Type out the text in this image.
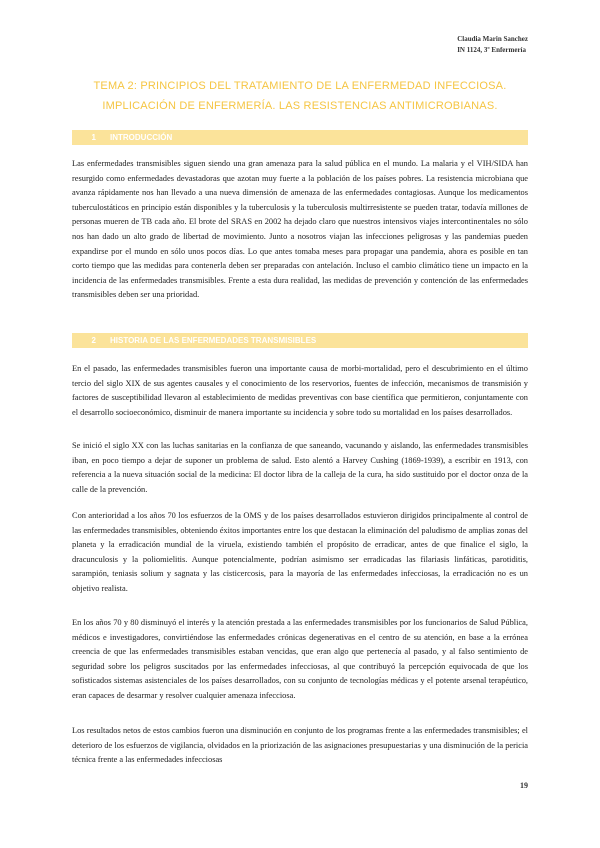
Claudia Marin Sanchez
IN 1124, 3º Enfermería
TEMA 2: PRINCIPIOS DEL TRATAMIENTO DE LA ENFERMEDAD INFECCIOSA. IMPLICACIÓN DE ENFERMERÍA. LAS RESISTENCIAS ANTIMICROBIANAS.
1 INTRODUCCIÓN

Las enfermedades transmisibles siguen siendo una gran amenaza para la salud pública en el mundo. La malaria y el VIH/SIDA han resurgido como enfermedades devastadoras que azotan muy fuerte a la población de los países pobres. La resistencia microbiana que avanza rápidamente nos han llevado a una nueva dimensión de amenaza de las enfermedades contagiosas. Aunque los medicamentos tuberculostáticos en principio están disponibles y la tuberculosis y la tuberculosis multirresistente se pueden tratar, todavía millones de personas mueren de TB cada año. El brote del SRAS en 2002 ha dejado claro que nuestros intensivos viajes intercontinentales no sólo nos han dado un alto grado de libertad de movimiento. Junto a nosotros viajan las infecciones peligrosas y las pandemias pueden expandirse por el mundo en sólo unos pocos días. Lo que antes tomaba meses para propagar una pandemia, ahora es posible en tan corto tiempo que las medidas para contenerla deben ser preparadas con antelación. Incluso el cambio climático tiene un impacto en la incidencia de las enfermedades transmisibles. Frente a esta dura realidad, las medidas de prevención y contención de las enfermedades transmisibles deben ser una prioridad.

2 HISTORIA DE LAS ENFERMEDADES TRANSMISIBLES

En el pasado, las enfermedades transmisibles fueron una importante causa de morbi-mortalidad, pero el descubrimiento en el último tercio del siglo XIX de sus agentes causales y el conocimiento de los reservorios, fuentes de infección, mecanismos de transmisión y factores de susceptibilidad llevaron al establecimiento de medidas preventivas con base científica que permitieron, conjuntamente con el desarrollo socioeconómico, disminuir de manera importante su incidencia y sobre todo su mortalidad en los países desarrollados.

Se inició el siglo XX con las luchas sanitarias en la confianza de que saneando, vacunando y aislando, las enfermedades transmisibles iban, en poco tiempo a dejar de suponer un problema de salud. Esto alentó a Harvey Cushing (1869-1939), a escribir en 1913, con referencia a la nueva situación social de la medicina: El doctor libra de la calleja de la cura, ha sido sustituido por el doctor onza de la calle de la prevención.

Con anterioridad a los años 70 los esfuerzos de la OMS y de los países desarrollados estuvieron dirigidos principalmente al control de las enfermedades transmisibles, obteniendo éxitos importantes entre los que destacan la eliminación del paludismo de amplias zonas del planeta y la erradicación mundial de la viruela, existiendo también el propósito de erradicar, antes de que finalice el siglo, la dracunculosis y la poliomielitis. Aunque potencialmente, podrían asimismo ser erradicadas las filariasis linfáticas, parotiditis, sarampión, teniasis solium y sagnata y las cisticercosis, para la mayoría de las enfermedades infecciosas, la erradicación no es un objetivo realista.

En los años 70 y 80 disminuyó el interés y la atención prestada a las enfermedades transmisibles por los funcionarios de Salud Pública, médicos e investigadores, convirtiéndose las enfermedades crónicas degenerativas en el centro de su atención, en base a la errónea creencia de que las enfermedades transmisibles estaban vencidas, que eran algo que pertenecía al pasado, y al falso sentimiento de seguridad sobre los peligros suscitados por las enfermedades infecciosas, al que contribuyó la percepción equivocada de que los sofisticados sistemas asistenciales de los países desarrollados, con su conjunto de tecnologías médicas y el potente arsenal terapéutico, eran capaces de desarmar y resolver cualquier amenaza infecciosa.

Los resultados netos de estos cambios fueron una disminución en conjunto de los programas frente a las enfermedades transmisibles; el deterioro de los esfuerzos de vigilancia, olvidados en la priorización de las asignaciones presupuestarias y una disminución de la pericia técnica frente a las enfermedades infecciosas

19
